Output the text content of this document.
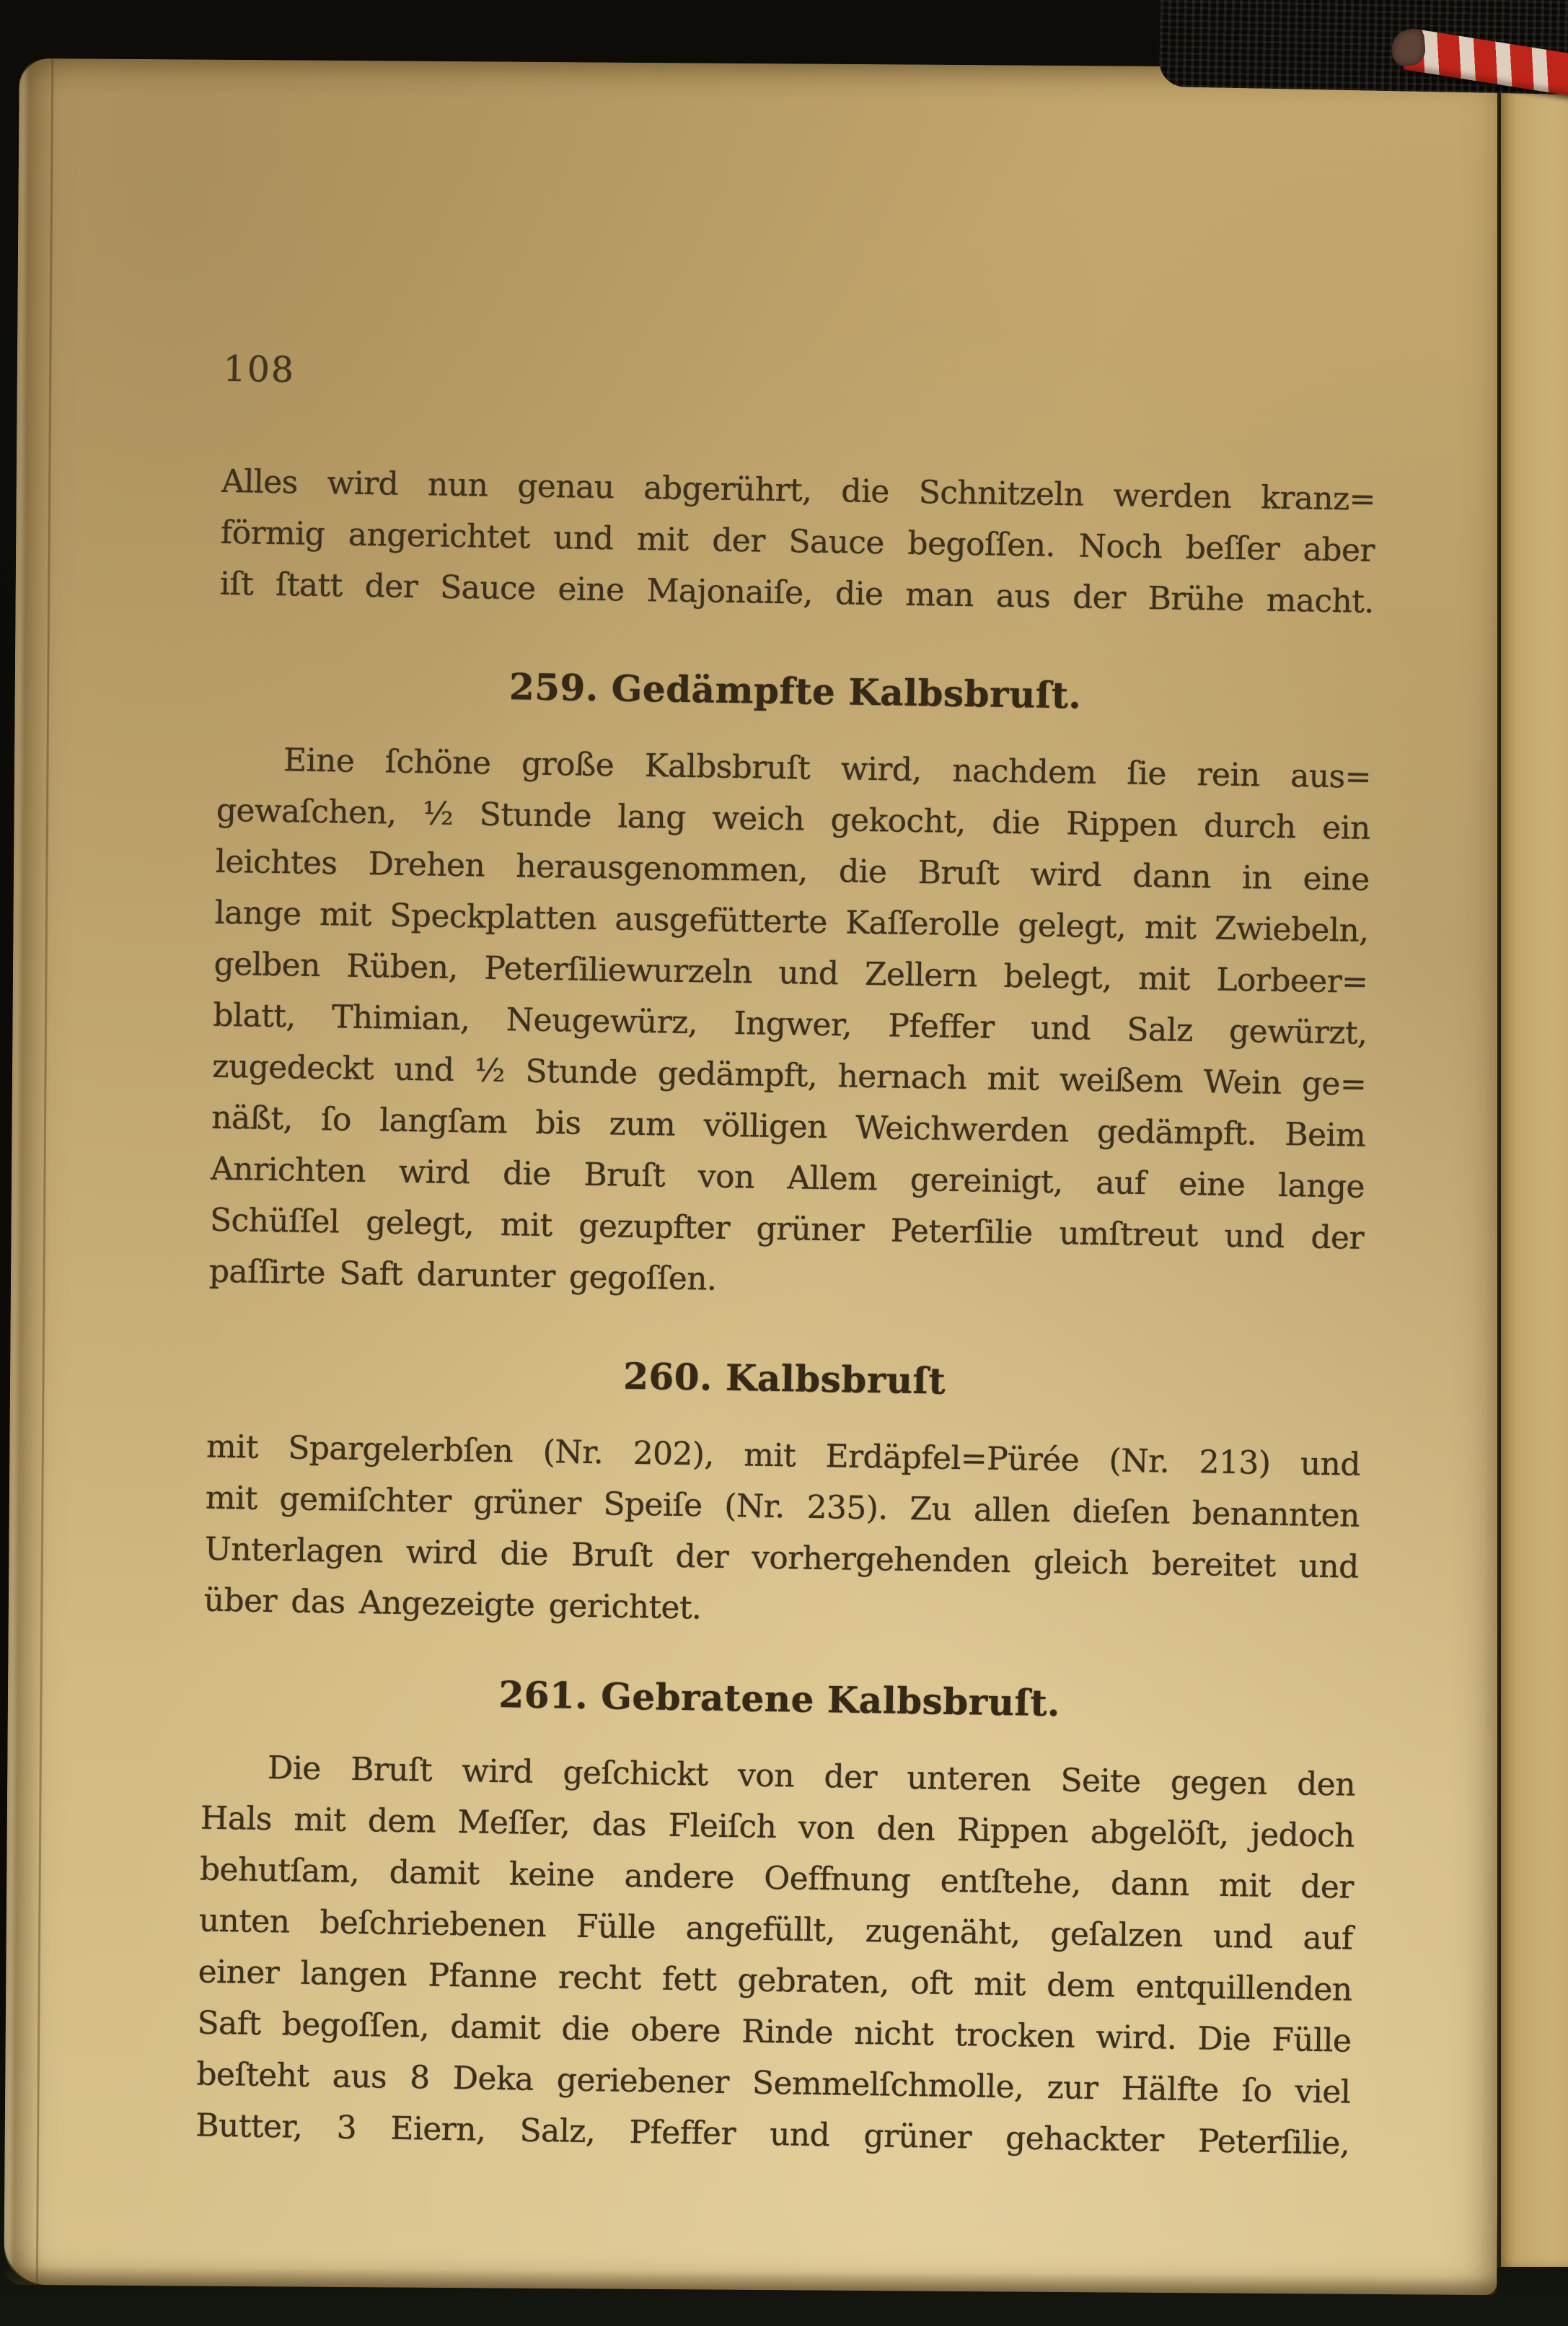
108
Alles wird nun genau abgerührt, die Schnitzeln werden kranz=
förmig angerichtet und mit der Sauce begoſſen. Noch beſſer aber
iſt ſtatt der Sauce eine Majonaiſe, die man aus der Brühe macht.
259. Gedämpfte Kalbsbruſt.
Eine ſchöne große Kalbsbruſt wird, nachdem ſie rein aus=
gewaſchen, ½ Stunde lang weich gekocht, die Rippen durch ein
leichtes Drehen herausgenommen, die Bruſt wird dann in eine
lange mit Speckplatten ausgefütterte Kaſſerolle gelegt, mit Zwiebeln,
gelben Rüben, Peterſiliewurzeln und Zellern belegt, mit Lorbeer=
blatt, Thimian, Neugewürz, Ingwer, Pfeffer und Salz gewürzt,
zugedeckt und ½ Stunde gedämpft, hernach mit weißem Wein ge=
näßt, ſo langſam bis zum völligen Weichwerden gedämpft. Beim
Anrichten wird die Bruſt von Allem gereinigt, auf eine lange
Schüſſel gelegt, mit gezupfter grüner Peterſilie umſtreut und der
paſſirte Saft darunter gegoſſen.
260. Kalbsbruſt
mit Spargelerbſen (Nr. 202), mit Erdäpfel=Pürée (Nr. 213) und
mit gemiſchter grüner Speiſe (Nr. 235). Zu allen dieſen benannten
Unterlagen wird die Bruſt der vorhergehenden gleich bereitet und
über das Angezeigte gerichtet.
261. Gebratene Kalbsbruſt.
Die Bruſt wird geſchickt von der unteren Seite gegen den
Hals mit dem Meſſer, das Fleiſch von den Rippen abgelöſt, jedoch
behutſam, damit keine andere Oeffnung entſtehe, dann mit der
unten beſchriebenen Fülle angefüllt, zugenäht, geſalzen und auf
einer langen Pfanne recht fett gebraten, oft mit dem entquillenden
Saft begoſſen, damit die obere Rinde nicht trocken wird. Die Fülle
beſteht aus 8 Deka geriebener Semmelſchmolle, zur Hälfte ſo viel
Butter, 3 Eiern, Salz, Pfeffer und grüner gehackter Peterſilie,
